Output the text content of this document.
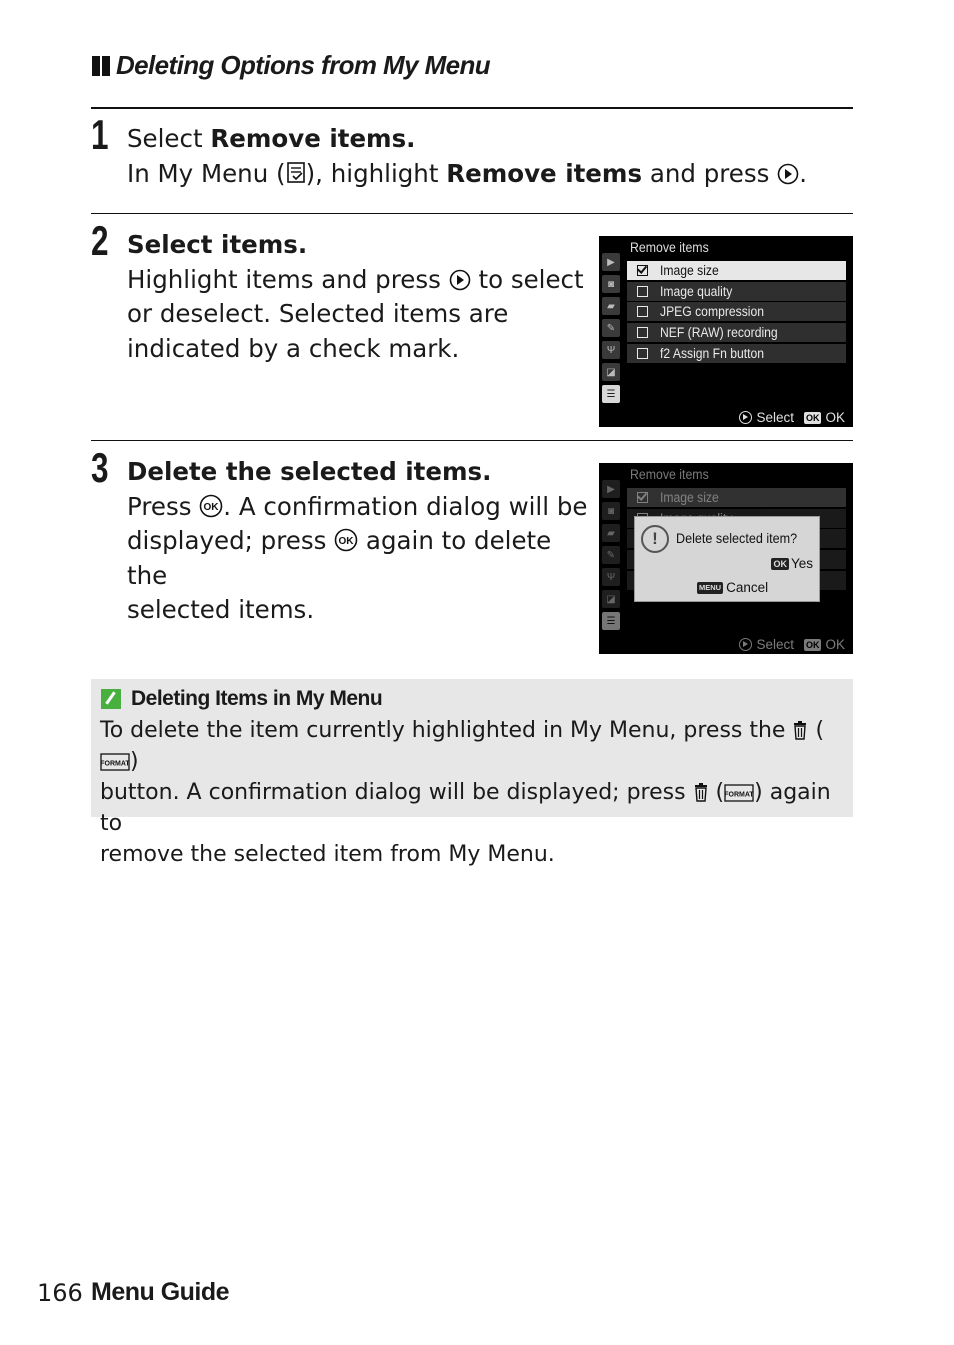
Deleting Options from My Menu
1 Select Remove items.
In My Menu ( ), highlight Remove items and press .
2 Select items.
Highlight items and press  to select
or deselect. Selected items are
indicated by a check mark.
Remove items
▶
◙
▰
✎
Ψ
◪
☰
Image size
Image quality
JPEG compression
NEF (RAW) recording
f2 Assign Fn button
Select OK OK
3 Delete the selected items.
Press OK . A confirmation dialog will be
displayed; press OK again to delete the
selected items.
Remove items
▶
◙
▰
✎
Ψ
◪
☰
Image size
!	Delete selected item?
OK Yes
MENU Cancel
Select OK OK
Deleting Items in My Menu
To delete the item currently highlighted in My Menu, press the  (
FORMAT )
button. A confirmation dialog will be displayed; press  ( FORMAT ) again to
remove the selected item from My Menu.
166 Menu Guide
